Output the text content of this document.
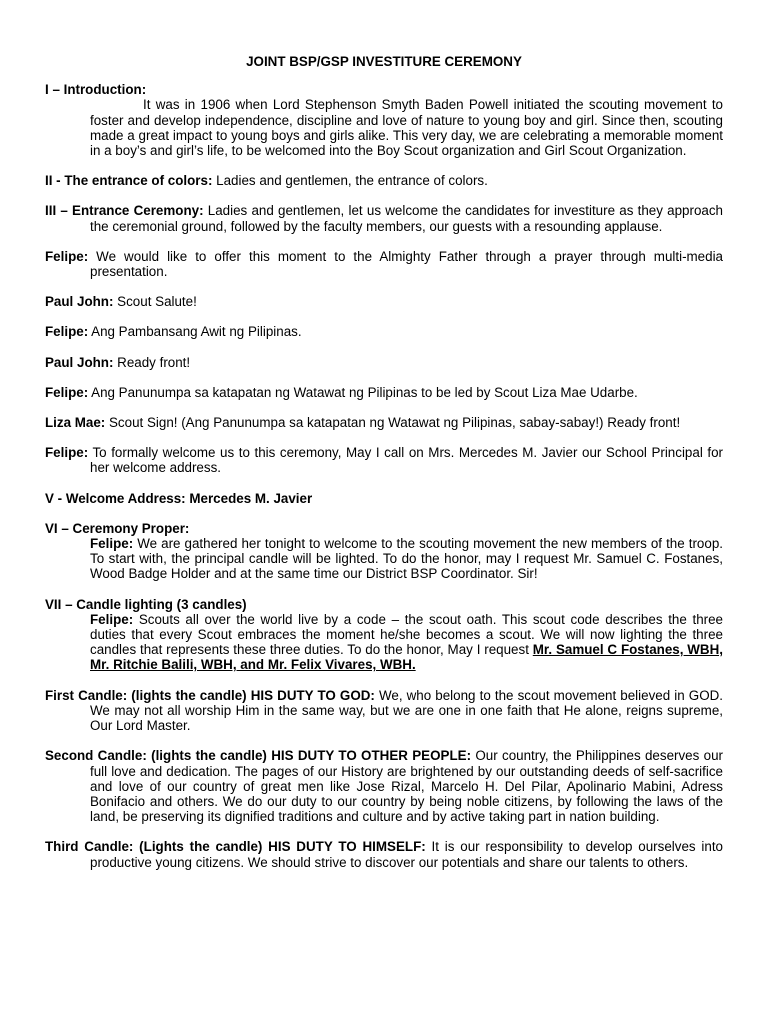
JOINT BSP/GSP INVESTITURE CEREMONY
I – Introduction:
It was in 1906 when Lord Stephenson Smyth Baden Powell initiated the scouting movement to foster and develop independence, discipline and love of nature to young boy and girl. Since then, scouting made a great impact to young boys and girls alike. This very day, we are celebrating a memorable moment in a boy’s and girl’s life, to be welcomed into the Boy Scout organization and Girl Scout Organization.
II - The entrance of colors: Ladies and gentlemen, the entrance of colors.
III – Entrance Ceremony: Ladies and gentlemen, let us welcome the candidates for investiture as they approach the ceremonial ground, followed by the faculty members, our guests with a resounding applause.
Felipe: We would like to offer this moment to the Almighty Father through a prayer through multi-media presentation.
Paul John: Scout Salute!
Felipe: Ang Pambansang Awit ng Pilipinas.
Paul John: Ready front!
Felipe: Ang Panunumpa sa katapatan ng Watawat ng Pilipinas to be led by Scout Liza Mae Udarbe.
Liza Mae: Scout Sign! (Ang Panunumpa sa katapatan ng Watawat ng Pilipinas, sabay-sabay!) Ready front!
Felipe: To formally welcome us to this ceremony, May I call on Mrs. Mercedes M. Javier our School Principal for her welcome address.
V - Welcome Address: Mercedes M. Javier
VI – Ceremony Proper:
Felipe: We are gathered her tonight to welcome to the scouting movement the new members of the troop. To start with, the principal candle will be lighted. To do the honor, may I request Mr. Samuel C. Fostanes, Wood Badge Holder and at the same time our District BSP Coordinator. Sir!
VII – Candle lighting (3 candles)
Felipe: Scouts all over the world live by a code – the scout oath. This scout code describes the three duties that every Scout embraces the moment he/she becomes a scout. We will now lighting the three candles that represents these three duties. To do the honor, May I request Mr. Samuel C Fostanes, WBH, Mr. Ritchie Balili, WBH, and Mr. Felix Vivares, WBH.
First Candle: (lights the candle) HIS DUTY TO GOD: We, who belong to the scout movement believed in GOD. We may not all worship Him in the same way, but we are one in one faith that He alone, reigns supreme, Our Lord Master.
Second Candle: (lights the candle) HIS DUTY TO OTHER PEOPLE: Our country, the Philippines deserves our full love and dedication. The pages of our History are brightened by our outstanding deeds of self-sacrifice and love of our country of great men like Jose Rizal, Marcelo H. Del Pilar, Apolinario Mabini, Adress Bonifacio and others. We do our duty to our country by being noble citizens, by following the laws of the land, be preserving its dignified traditions and culture and by active taking part in nation building.
Third Candle: (Lights the candle) HIS DUTY TO HIMSELF: It is our responsibility to develop ourselves into productive young citizens. We should strive to discover our potentials and share our talents to others.
